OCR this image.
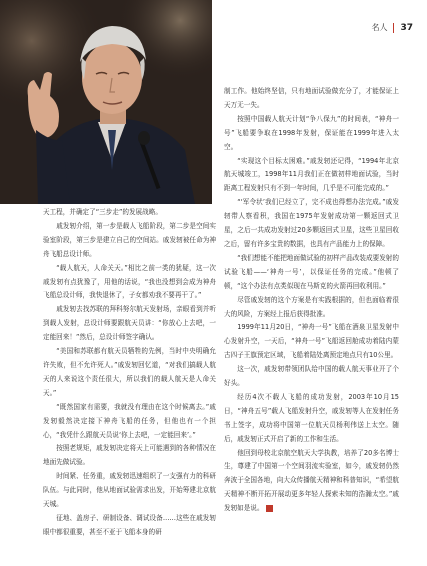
名人 37

天工程，并确定了“三步走”的发展战略。

戚发轫介绍，第一步是载人飞船阶段，第二步是空间实验室阶段，第三步是建立自己的空间站。戚发轫被任命为神舟飞船总设计师。

“载人航天，人命关天。”相比之前一类的犹疑，这一次戚发轫有点犹豫了，用他的话说，“我也没想到会成为神舟飞船总设计师，我快退休了，子女都劝我不要再干了。”

戚发轫去找苏联的拜科努尔航天发射场，亲眼看到并听到载人发射，总设计师要跟航天员讲：“你放心上去吧，一定能回来！”然后，总设计师签字确认。

“美国和苏联都有航天员牺牲的先例，当时中央明确允许失败，但不允许死人。”戚发轫回忆道，“对我们搞载人航天的人来说这个责任很大，所以我们的载人航天是人命关天。”

“既然国家有需要，我就没有理由在这个时候离去。”戚发轫毅然决定接下神舟飞船的任务，但他也有一个担心，“我凭什么跟航天员说‘你上去吧，一定能回来’。”

按照老规矩，戚发轫决定将天上可能遇到的各种情况在地面先做试验。

时间紧、任务重，戚发轫迅速组织了一支强有力的科研队伍。与此同时，他从地面试验需求出发，开始筹建北京航天城。

征地、盖房子、研制设备、调试设备……这些在戚发轫眼中都很重要，甚至不亚于飞船本身的研

制工作。他始终坚信，只有地面试验做充分了，才能保证上天万无一失。

按照中国载人航天计划“争八保九”的时间表，“神舟一号”飞船要争取在1998年发射，保证能在1999年进入太空。

“实现这个目标太困难。”戚发轫还记得，“1994年北京航天城竣工，1998年11月我们正在做初样地面试验，当时距离工程发射只有不到一年时间，几乎是不可能完成的。”

“‘军令状’我们已经立了，完不成也得想办法完成。”戚发轫带人察看积，我国在1975年发射成功第一颗返回式卫星，之后一共成功发射过20多颗返回式卫星，这些卫星回收之后，留有许多宝贵的数据，也具有产品能力上的保障。

“我们想能不能把地面做试验的初样产品改装成要发射的试验飞船——‘神舟一号’，以保证任务的完成。”他顿了顿，“这个办法有点类似现在马斯克的火箭再回收利用。”

尽管戚发轫的这个方案是有实践根据的，但也面临着很大的风险，方案经上报后获得批准。

1999年11月20日，“神舟一号”飞船在酒泉卫星发射中心发射升空，一天后，“神舟一号”飞船返回舱成功着陆内蒙古四子王旗预定区域，飞船着陆处离预定地点只有10公里。

这一次，戚发轫带领团队给中国的载人航天事业开了个好头。

经历4次不载人飞船的成功发射，2003年10月15日，“神舟五号”载人飞船发射升空，戚发轫等人在发射任务书上签字，成功将中国第一位航天员杨利伟送上太空。随后，戚发轫正式开启了新的工作和生活。

他回到母校北京航空航天大学执教，培养了20多名博士生，尊建了中国第一个空间羽流实验室，如今，戚发轫仍然奔波于全国各地，向大众传播航天精神和科普知识，“希望航天精神不断开拓开展动更多年轻人探索未知的浩瀚太空。”戚发轫如是说。	字
